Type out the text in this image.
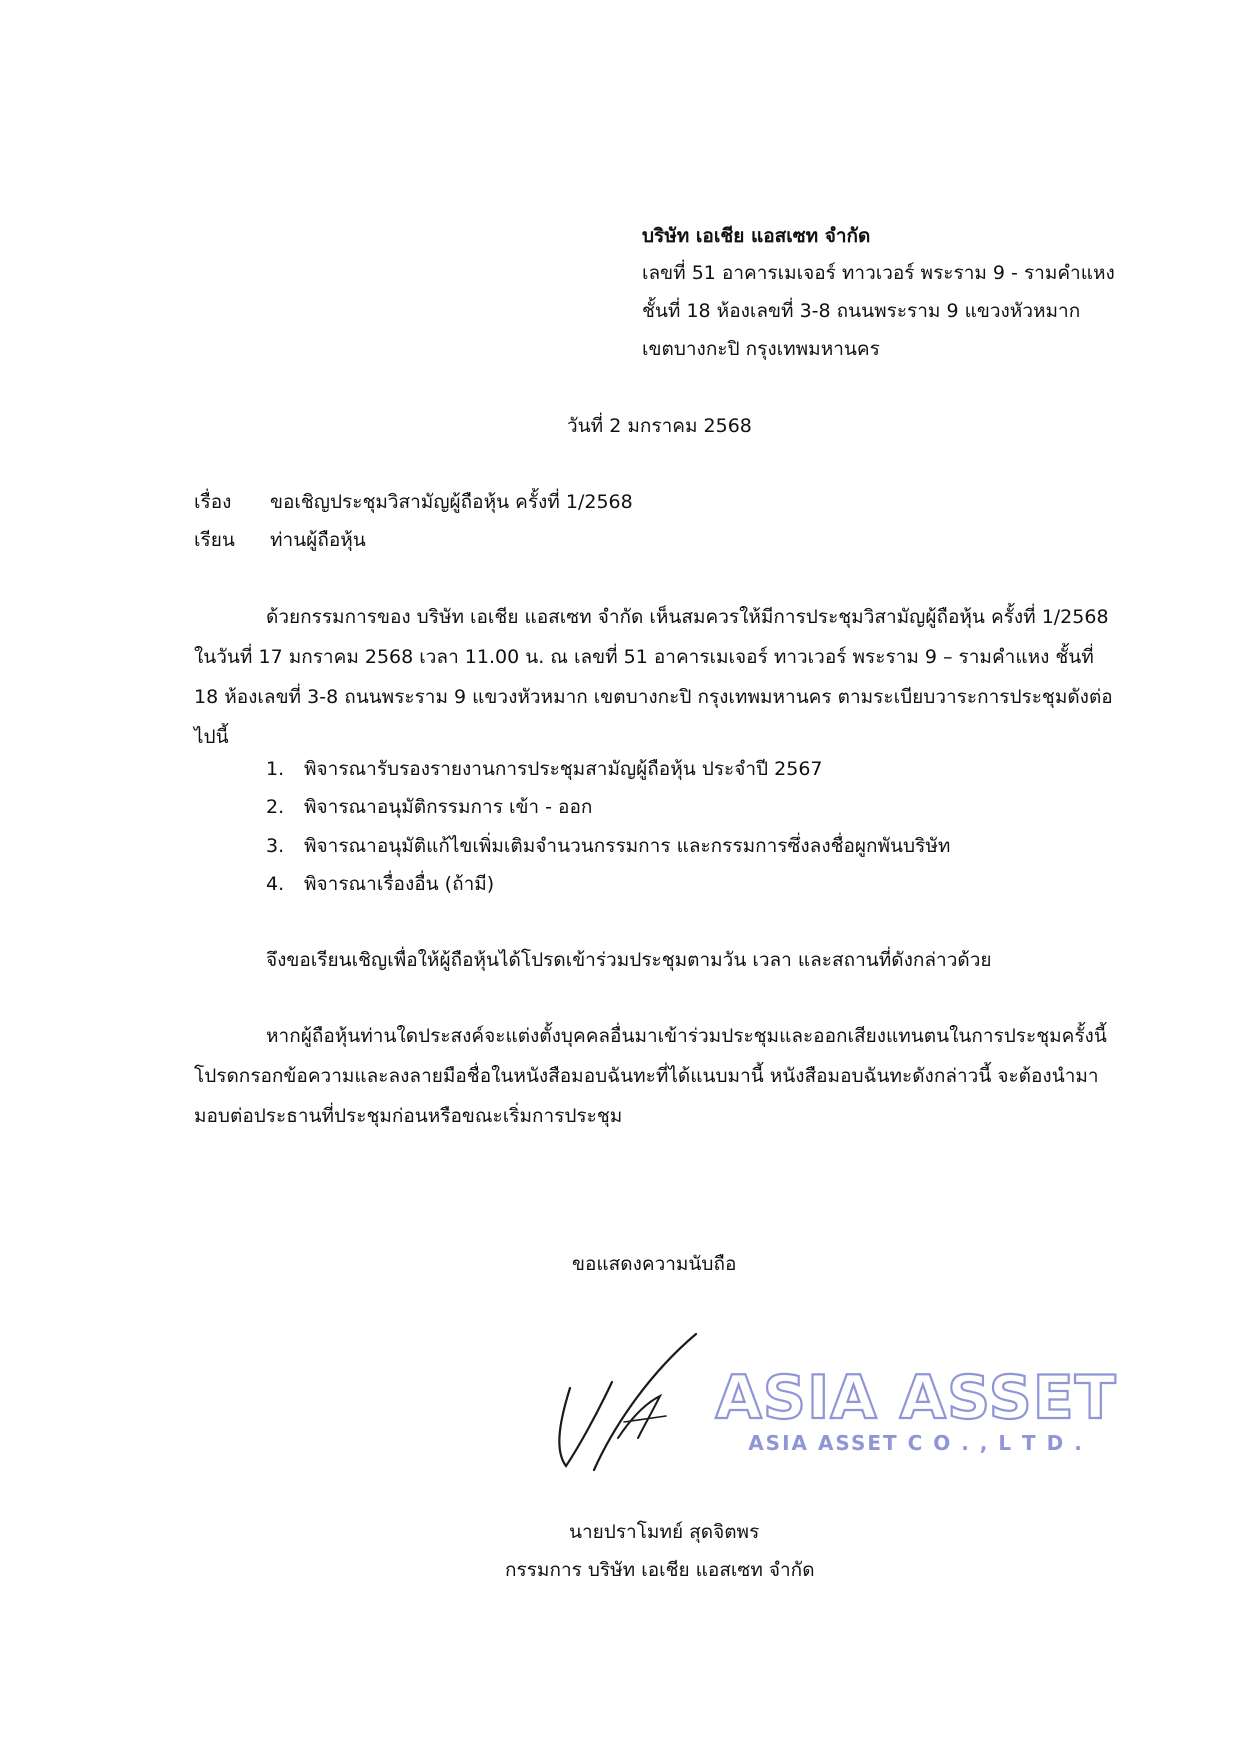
บริษัท เอเชีย แอสเซท จำกัด
เลขที่ 51 อาคารเมเจอร์ ทาวเวอร์ พระราม 9 - รามคำแหง
ชั้นที่ 18 ห้องเลขที่ 3-8 ถนนพระราม 9 แขวงหัวหมาก
เขตบางกะปิ กรุงเทพมหานคร
วันที่ 2 มกราคม 2568
เรื่อง ขอเชิญประชุมวิสามัญผู้ถือหุ้น ครั้งที่ 1/2568
เรียน ท่านผู้ถือหุ้น
ด้วยกรรมการของ บริษัท เอเชีย แอสเซท จำกัด เห็นสมควรให้มีการประชุมวิสามัญผู้ถือหุ้น ครั้งที่ 1/2568 ในวันที่ 17 มกราคม 2568 เวลา 11.00 น. ณ เลขที่ 51 อาคารเมเจอร์ ทาวเวอร์ พระราม 9 – รามคำแหง ชั้นที่ 18 ห้องเลขที่ 3-8 ถนนพระราม 9 แขวงหัวหมาก เขตบางกะปิ กรุงเทพมหานคร ตามระเบียบวาระการประชุมดังต่อไปนี้
1. พิจารณารับรองรายงานการประชุมสามัญผู้ถือหุ้น ประจำปี 2567
2. พิจารณาอนุมัติกรรมการ เข้า - ออก
3. พิจารณาอนุมัติแก้ไขเพิ่มเติมจำนวนกรรมการ และกรรมการซึ่งลงชื่อผูกพันบริษัท
4. พิจารณาเรื่องอื่น (ถ้ามี)
จึงขอเรียนเชิญเพื่อให้ผู้ถือหุ้นได้โปรดเข้าร่วมประชุมตามวัน เวลา และสถานที่ดังกล่าวด้วย
หากผู้ถือหุ้นท่านใดประสงค์จะแต่งตั้งบุคคลอื่นมาเข้าร่วมประชุมและออกเสียงแทนตนในการประชุมครั้งนี้ โปรดกรอกข้อความและลงลายมือชื่อในหนังสือมอบฉันทะที่ได้แนบมานี้ หนังสือมอบฉันทะดังกล่าวนี้ จะต้องนำมามอบต่อประธานที่ประชุมก่อนหรือขณะเริ่มการประชุม
ขอแสดงความนับถือ
ASIA ASSET
ASIA ASSET C O . , L T D .
นายปราโมทย์ สุดจิตพร
กรรมการ บริษัท เอเชีย แอสเซท จำกัด
